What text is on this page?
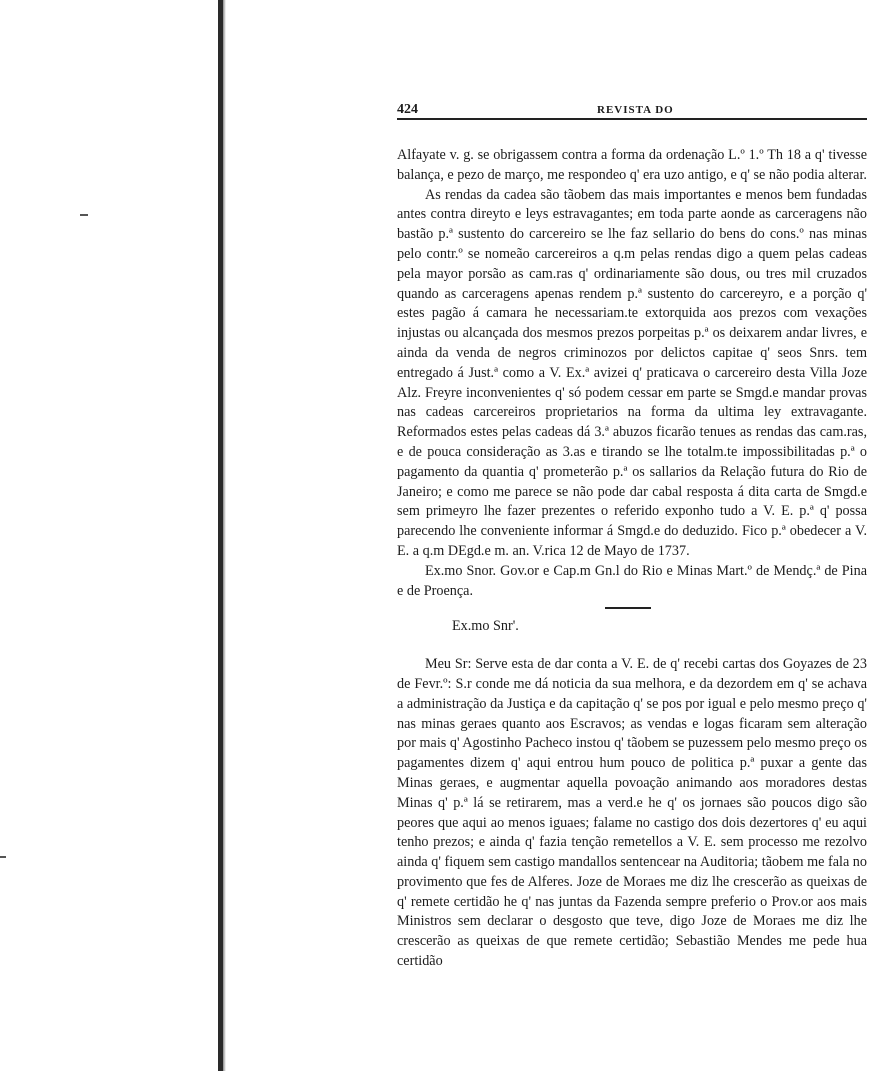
424	REVISTA DO

Alfayate v. g. se obrigassem contra a forma da ordenação L.º 1.º Th 18 a q' tivesse balança, e pezo de março, me respondeo q' era uzo antigo, e q' se não podia alterar.

As rendas da cadea são tãobem das mais importantes e menos bem fundadas antes contra direyto e leys estravagantes; em toda parte aonde as carceragens não bastão p.ª sustento do carcereiro se lhe faz sellario do bens do cons.º nas minas pelo contr.º se nomeão carcereiros a q.m pelas rendas digo a quem pelas cadeas pela mayor porsão as cam.ras q' ordinariamente são dous, ou tres mil cruzados quando as carceragens apenas rendem p.ª sustento do carcereyro, e a porção q' estes pagão á camara he necessariam.te extorquida aos prezos com vexações injustas ou alcançada dos mesmos prezos porpeitas p.ª os deixarem andar livres, e ainda da venda de negros criminozos por delictos capitae q' seos Snrs. tem entregado á Just.ª como a V. Ex.ª avizei q' praticava o carcereiro desta Villa Joze Alz. Freyre inconvenientes q' só podem cessar em parte se Smgd.e mandar provas nas cadeas carcereiros proprietarios na forma da ultima ley extravagante. Reformados estes pelas cadeas dá 3.ª abuzos ficarão tenues as rendas das cam.ras, e de pouca consideração as 3.as e tirando se lhe totalm.te impossibilitadas p.ª o pagamento da quantia q' prometerão p.ª os sallarios da Relação futura do Rio de Janeiro; e como me parece se não pode dar cabal resposta á dita carta de Smgd.e sem primeyro lhe fazer prezentes o referido exponho tudo a V. E. p.ª q' possa parecendo lhe conveniente informar á Smgd.e do deduzido. Fico p.ª obedecer a V. E. a q.m DEgd.e m. an. V.rica 12 de Mayo de 1737.

Ex.mo Snor. Gov.or e Cap.m Gn.l do Rio e Minas Mart.º de Mendç.ª de Pina e de Proença.

Ex.mo Snr'.

Meu Sr: Serve esta de dar conta a V. E. de q' recebi cartas dos Goyazes de 23 de Fevr.º: S.r conde me dá noticia da sua melhora, e da dezordem em q' se achava a administração da Justiça e da capitação q' se pos por igual e pelo mesmo preço q' nas minas geraes quanto aos Escravos; as vendas e logas ficaram sem alteração por mais q' Agostinho Pacheco instou q' tãobem se puzessem pelo mesmo preço os pagamentes dizem q' aqui entrou hum pouco de politica p.ª puxar a gente das Minas geraes, e augmentar aquella povoação animando aos moradores destas Minas q' p.ª lá se retirarem, mas a verd.e he q' os jornaes são poucos digo são peores que aqui ao menos iguaes; falame no castigo dos dois dezertores q' eu aqui tenho prezos; e ainda q' fazia tenção remetellos a V. E. sem processo me rezolvo ainda q' fiquem sem castigo mandallos sentencear na Auditoria; tãobem me fala no provimento que fes de Alferes. Joze de Moraes me diz lhe crescerão as queixas de q' remete certidão he q' nas juntas da Fazenda sempre preferio o Prov.or aos mais Ministros sem declarar o desgosto que teve, digo Joze de Moraes me diz lhe crescerão as queixas de que remete certidão; Sebastião Mendes me pede hua certidão
